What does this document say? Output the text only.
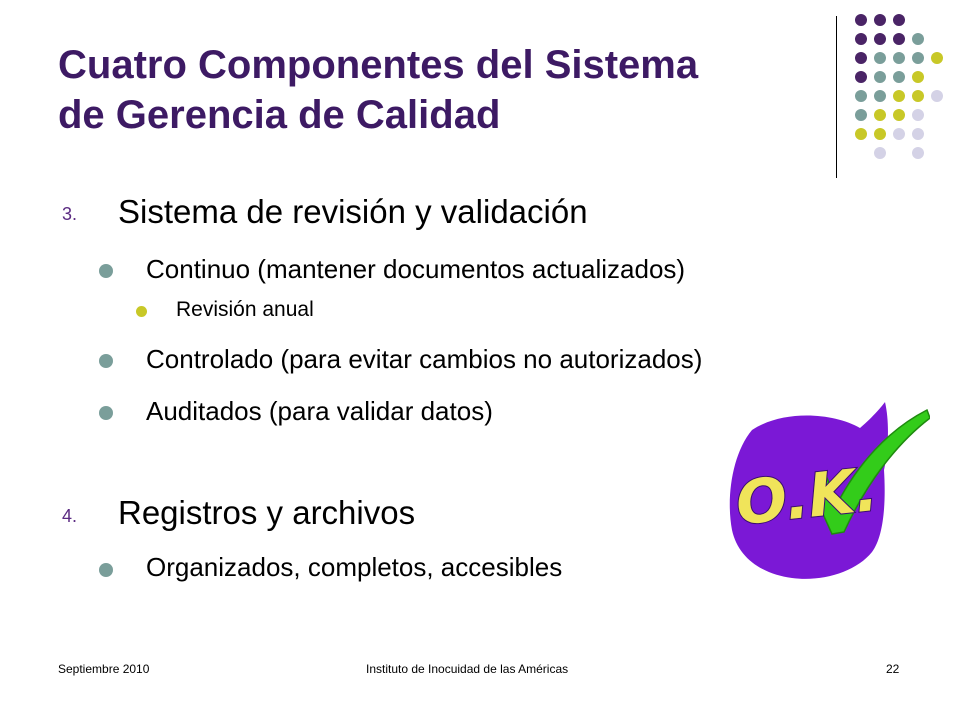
Cuatro Componentes del Sistema
de Gerencia de Calidad
3. Sistema de revisión y validación
Continuo (mantener documentos actualizados)
Revisión anual
Controlado (para evitar cambios no autorizados)
Auditados (para validar datos)
4. Registros y archivos
Organizados, completos, accesibles
O.K.
Septiembre 2010	Instituto de Inocuidad de las Américas	22
